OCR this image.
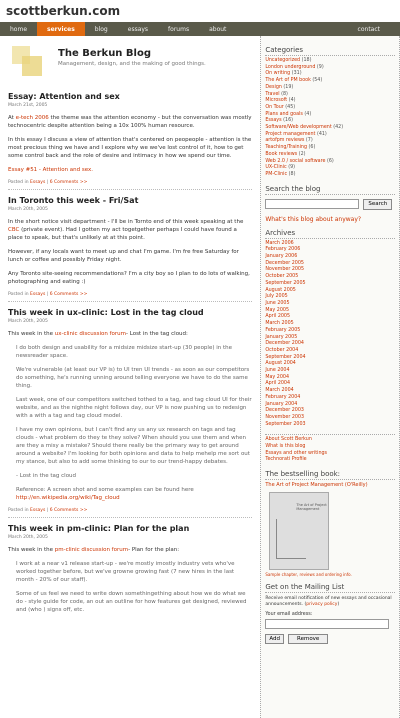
scottberkun.com
home	services	blog	essays	forums	about	contact
The Berkun Blog
Management, design, and the making of good things.
Essay: Attention and sex
March 21st, 2005

At e-tech 2006 the theme was the attention economy - but the conversation was mostly technocentric despite attention being a 10x 100% human resource.

In this essay I discuss a view of attention that's centered on peopeople - attention is the most precious thing we have and I explore why we we've lost control of it, how to get some control back and the role of desire and intimacy in how we spend our time.

Essay #51 - Attention and sex.

Posted in Essays | 6 Comments >>
In Toronto this week - Fri/Sat
March 20th, 2005

In the short notice visit department - I'll be in Tornto end of this week speaking at the CBC (private event). Had I gotten my act togetgether perhaps I could have found a place to speak, but that's unlikely at at this point.

However, if any locals want to meet up and chat I'm game. I'm fre free Saturday for lunch or coffee and possibly Friday night.

Any Toronto site-seeing recommendations? I'm a city boy so I plan to do lots of walking, photographing and eating :)

Posted in Essays | 6 Comments >>
This week in ux-clinic: Lost in the tag cloud
March 20th, 2005

This week in the ux-clinic discussion forum- Lost in the tag cloud:

I do both design and usability for a midsize midsize start-up (30 people) in the newsreader space.

We're vulnerable (at least our VP is) to UI tren UI trends - as soon as our competitors do something, he's running unning around telling everyone we have to do the same thing.

Last week, one of our competitors switched tothed to a tag, and tag cloud UI for their website, and as the nighthe night follows day, our VP is now pushing us to redesign with a with a tag and tag cloud model.

I have my own opinions, but I can't find any us any ux research on tags and tag clouds - what problem do they te they solve? When should you use them and when are they a misy a mistake? Should there really be the primary way to get around around a website? I'm looking for both opinions and data to help mehelp me sort out my stance, but also to add some thinking to our to our trend-happy debates.

- Lost in the tag cloud

Reference: A screen shot and some examples can be found here http://en.wikipedia.org/wiki/Tag_cloud

Posted in Essays | 6 Comments >>
This week in pm-clinic: Plan for the plan
March 20th, 2005

This week in the pm-clinic discussion forum- Plan for the plan:

I work at a near v1 release start-up - we're mostly imostly industry vets who've worked together before, but we've growne growing fast (7 new hires in the last month - 20% of our staff).

Some of us feel we need to write down somethingething about how we do what we do - style guide for code, an out an outline for how features get designed, reviewed and (who ) signs off, etc.

Categories
Uncategorized (18)
London underground (9)
On writing (31)
The Art of PM book (54)
Design (19)
Travel (8)
Microsoft (4)
On Tour (45)
Plans and goals (4)
Essays (16)
Software/Web development (42)
Project management (41)
artofpm reviews (7)
Teaching/Training (6)
Book reviews (2)
Web 2.0 / social software (6)
UX-Clinic (9)
PM-Clinic (8)
Search the blog
Search
What's this blog about anyway?
Archives
March 2006
February 2006
January 2006
December 2005
November 2005
October 2005
September 2005
August 2005
July 2005
June 2005
May 2005
April 2005
March 2005
February 2005
January 2005
December 2004
October 2004
September 2004
August 2004
June 2004
May 2004
April 2004
March 2004
February 2004
January 2004
December 2003
November 2003
September 2003
About Scott Berkun
What is this blog
Essays and other writings
Technorati Profile
The bestselling book:
The Art of Project Management (O'Reilly)
The Art of Project Management
Sample chapter, reviews and ordering info.
Get on the Mailing List
Receive email notification of new essays and occasional announcements. (privacy policy)
Your email address:
Add	Remove
